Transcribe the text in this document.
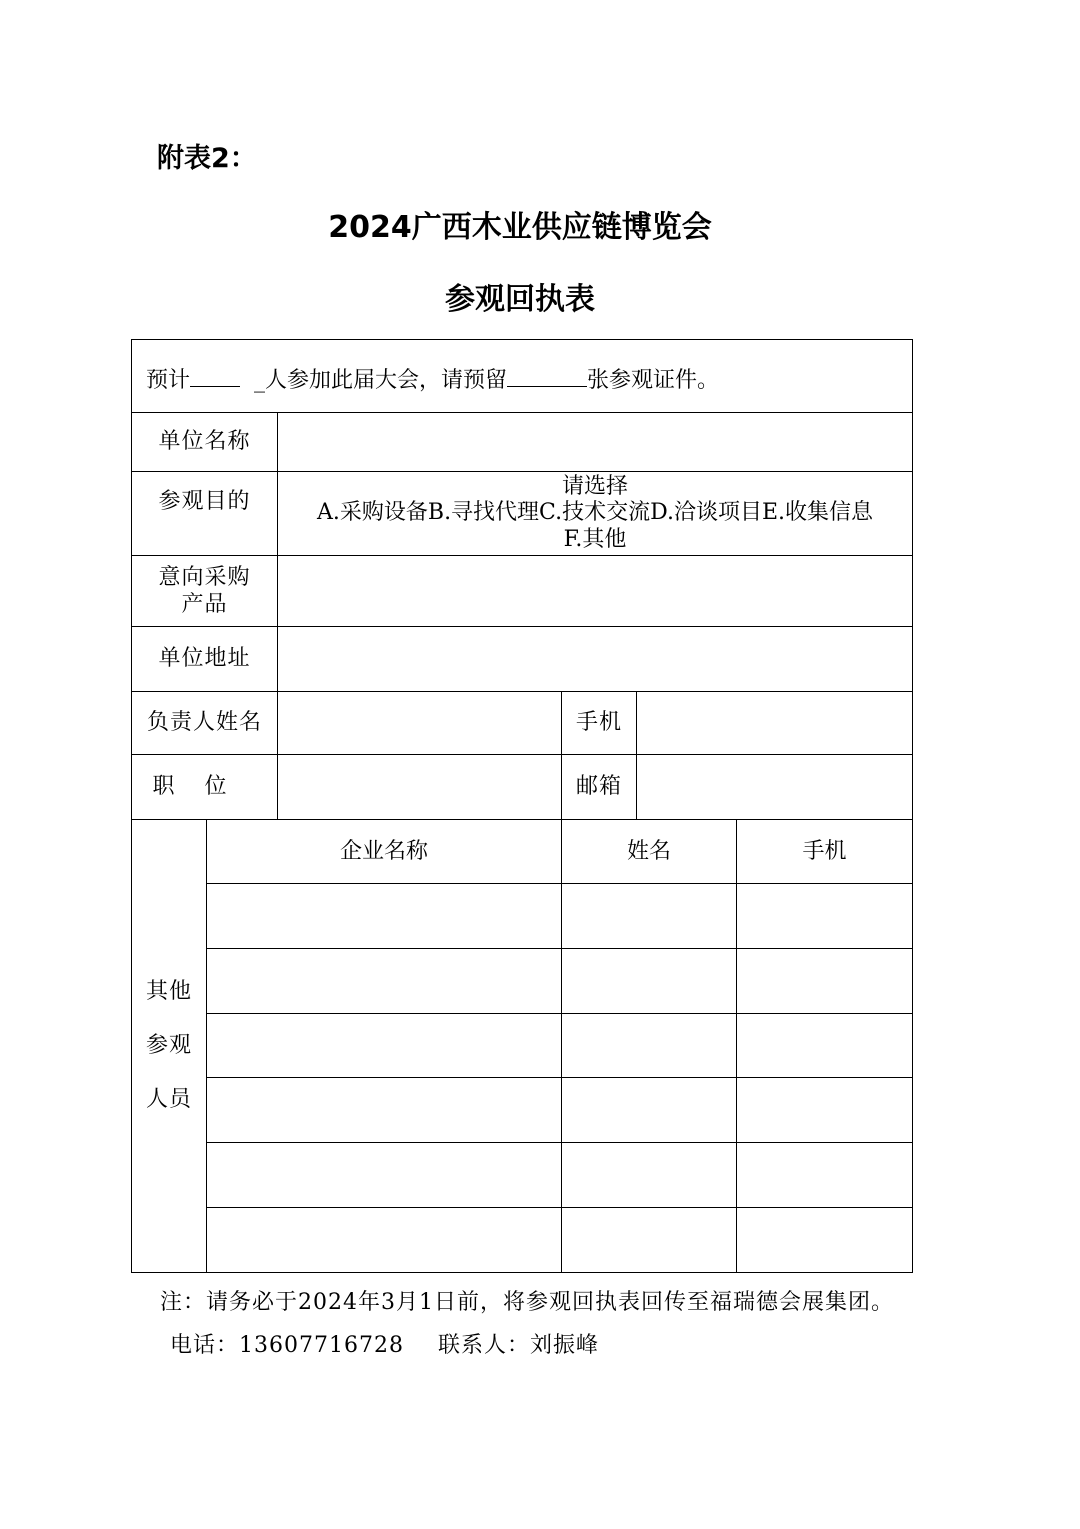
附表2：
2024广西木业供应链博览会
参观回执表
预计 _人参加此届大会，请预留 张参观证件。					
单位名称					
参观目的		请选择
A.采购设备B.寻找代理C.技术交流D.洽谈项目E.收集信息
F.其他			

意向采购
产品					

单位地址					
负责人姓名			手机		
职位			邮箱		

其他
参观
人员	企业名称		姓名		手机

注：请务必于2024年3月1日前，将参观回执表回传至福瑞德会展集团。
电话：13607716728 联系人：刘振峰
